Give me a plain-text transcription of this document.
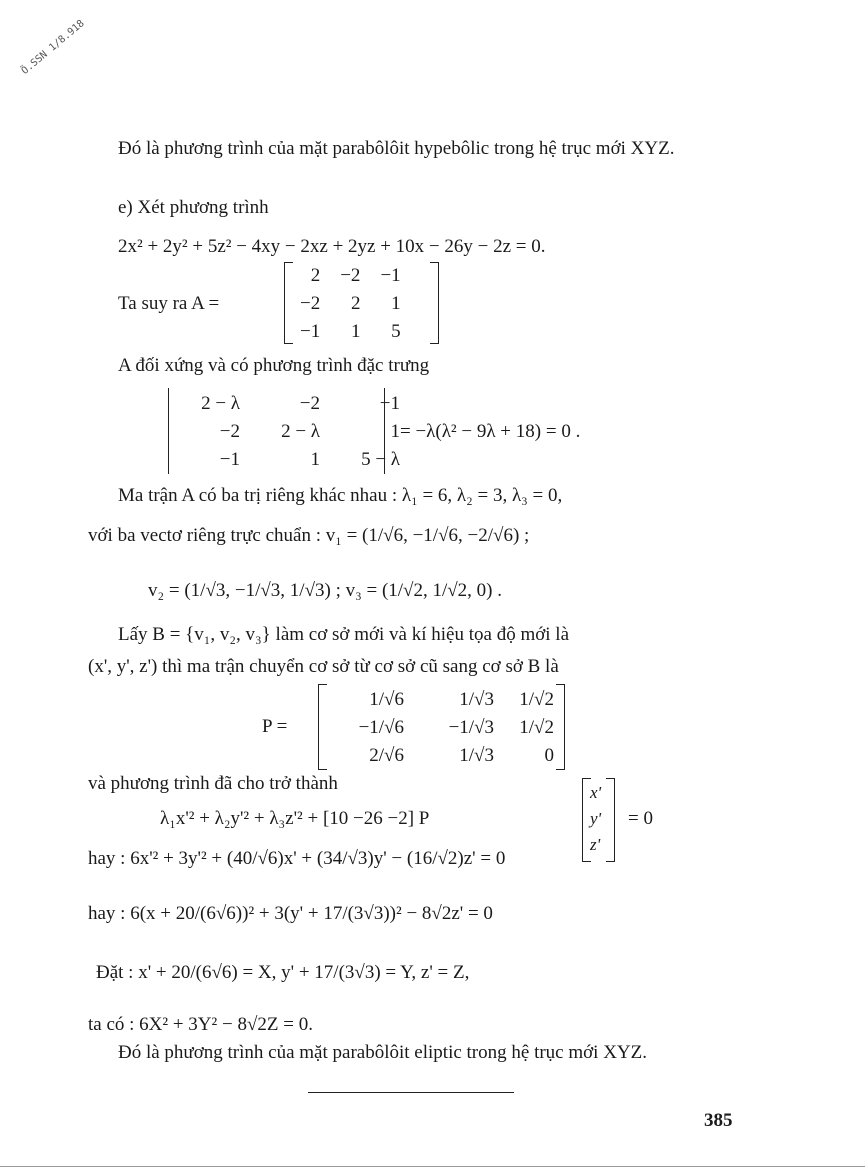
Õ.SSN 1/8.918
Đó là phương trình của mặt parabôlôit hypebôlic trong hệ trục mới XYZ.
e) Xét phương trình
2x² + 2y² + 5z² − 4xy − 2xz + 2yz + 10x − 26y − 2z = 0.
Ta suy ra A =
2	−2	−1
−2	2	1
−1	1	5
A đối xứng và có phương trình đặc trưng
2 − λ	−2	−1
−2	2 − λ	1
−1	1	5 − λ
= −λ(λ² − 9λ + 18) = 0 .
Ma trận A có ba trị riêng khác nhau : λ₁ = 6, λ₂ = 3, λ₃ = 0,
với ba vectơ riêng trực chuẩn : v₁ = (1/√6, −1/√6, −2/√6) ;
v₂ = (1/√3, −1/√3, 1/√3) ; v₃ = (1/√2, 1/√2, 0) .
Lấy B = {v₁, v₂, v₃} làm cơ sở mới và kí hiệu tọa độ mới là
(x', y', z') thì ma trận chuyển cơ sở từ cơ sở cũ sang cơ sở B là
P =
1/√6	1/√3	1/√2
−1/√6	−1/√3	1/√2
2/√6	1/√3	0
và phương trình đã cho trở thành
λ₁x'² + λ₂y'² + λ₃z'² + [10 −26 −2] P
x'
y'
z'
= 0
hay : 6x'² + 3y'² + (40/√6)x' + (34/√3)y' − (16/√2)z' = 0
hay : 6(x + 20/(6√6))² + 3(y' + 17/(3√3))² − 8√2z' = 0
Đặt : x' + 20/(6√6) = X, y' + 17/(3√3) = Y, z' = Z,
ta có : 6X² + 3Y² − 8√2Z = 0.
Đó là phương trình của mặt parabôlôit eliptic trong hệ trục mới XYZ.
385
